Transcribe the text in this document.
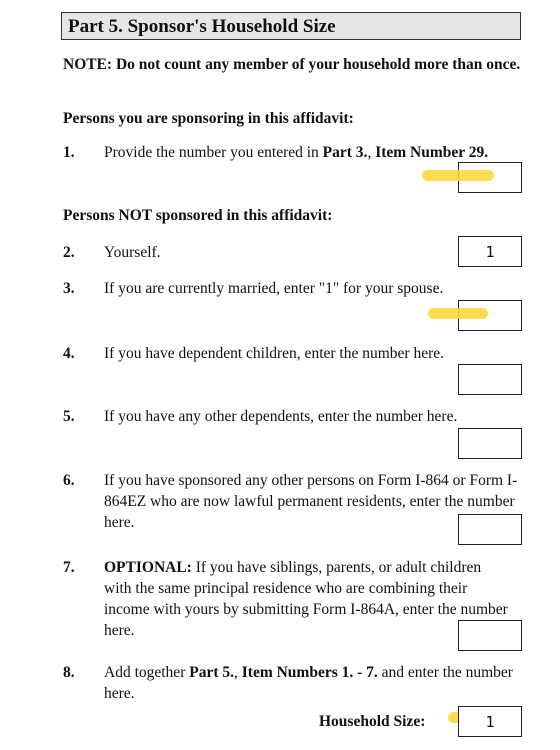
Part 5. Sponsor's Household Size
NOTE: Do not count any member of your household more than once.
Persons you are sponsoring in this affidavit:
1. Provide the number you entered in Part 3., Item Number 29.
Persons NOT sponsored in this affidavit:
2. Yourself.	1
3. If you are currently married, enter "1" for your spouse.
4. If you have dependent children, enter the number here.
5. If you have any other dependents, enter the number here.
6. If you have sponsored any other persons on Form I-864 or Form I-864EZ who are now lawful permanent residents, enter the number here.
7. OPTIONAL: If you have siblings, parents, or adult children with the same principal residence who are combining their income with yours by submitting Form I-864A, enter the number here.
8. Add together Part 5., Item Numbers 1. - 7. and enter the number here.
Household Size:	1
